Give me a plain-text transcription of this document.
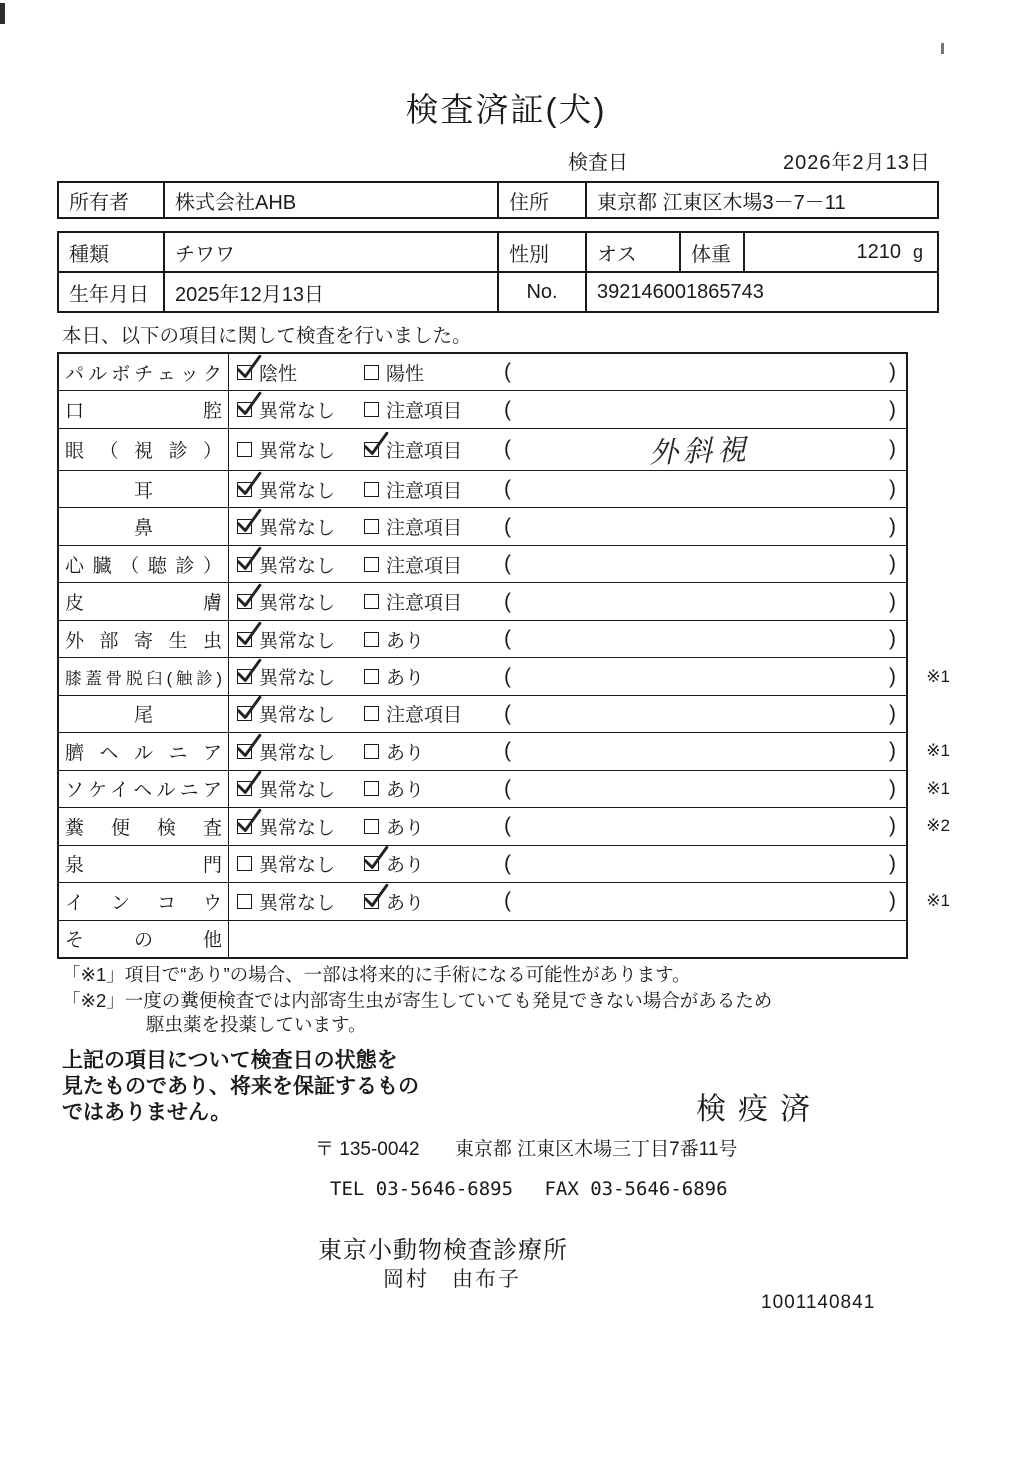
検査済証(犬)
検査日	2026年2月13日
所有者	株式会社AHB	住所	東京都 江東区木場3－7－11
種類	チワワ	性別	オス	体重	1210 g
生年月日	2025年12月13日	No.	392146001865743
本日、以下の項目に関して検査を行いました。
パルボチェック 陰性	陽性	(	)
口腔 異常なし	注意項目 (	)
眼（視診） 異常なし	注意項目 (	外斜視	)
耳	異常なし	注意項目 (	)
鼻	異常なし	注意項目 (	)
心臓（聴診） 異常なし	注意項目 (	)
皮膚 異常なし	注意項目 (	)
外部寄生虫 異常なし	あり	(	)
膝蓋骨脱臼(触診) 異常なし	あり	(	) ※1
尾	異常なし	注意項目 (	)
臍ヘルニア 異常なし	あり	(	) ※1
ソケイヘルニア 異常なし	あり	(	) ※1
糞便検査 異常なし	あり	(	) ※2
泉門 異常なし	あり	(	)
インコウ 異常なし	あり	(	) ※1
その他
「※1」項目で“あり”の場合、一部は将来的に手術になる可能性があります。
「※2」一度の糞便検査では内部寄生虫が寄生していても発見できない場合があるため
駆虫薬を投薬しています。
上記の項目について検査日の状態を
見たものであり、将来を保証するもの
ではありません。	検疫済
〒 135-0042 東京都 江東区木場三丁目7番11号
TEL 03-5646-6895 FAX 03-5646-6896
東京小動物検査診療所
岡村　由布子
1001140841
